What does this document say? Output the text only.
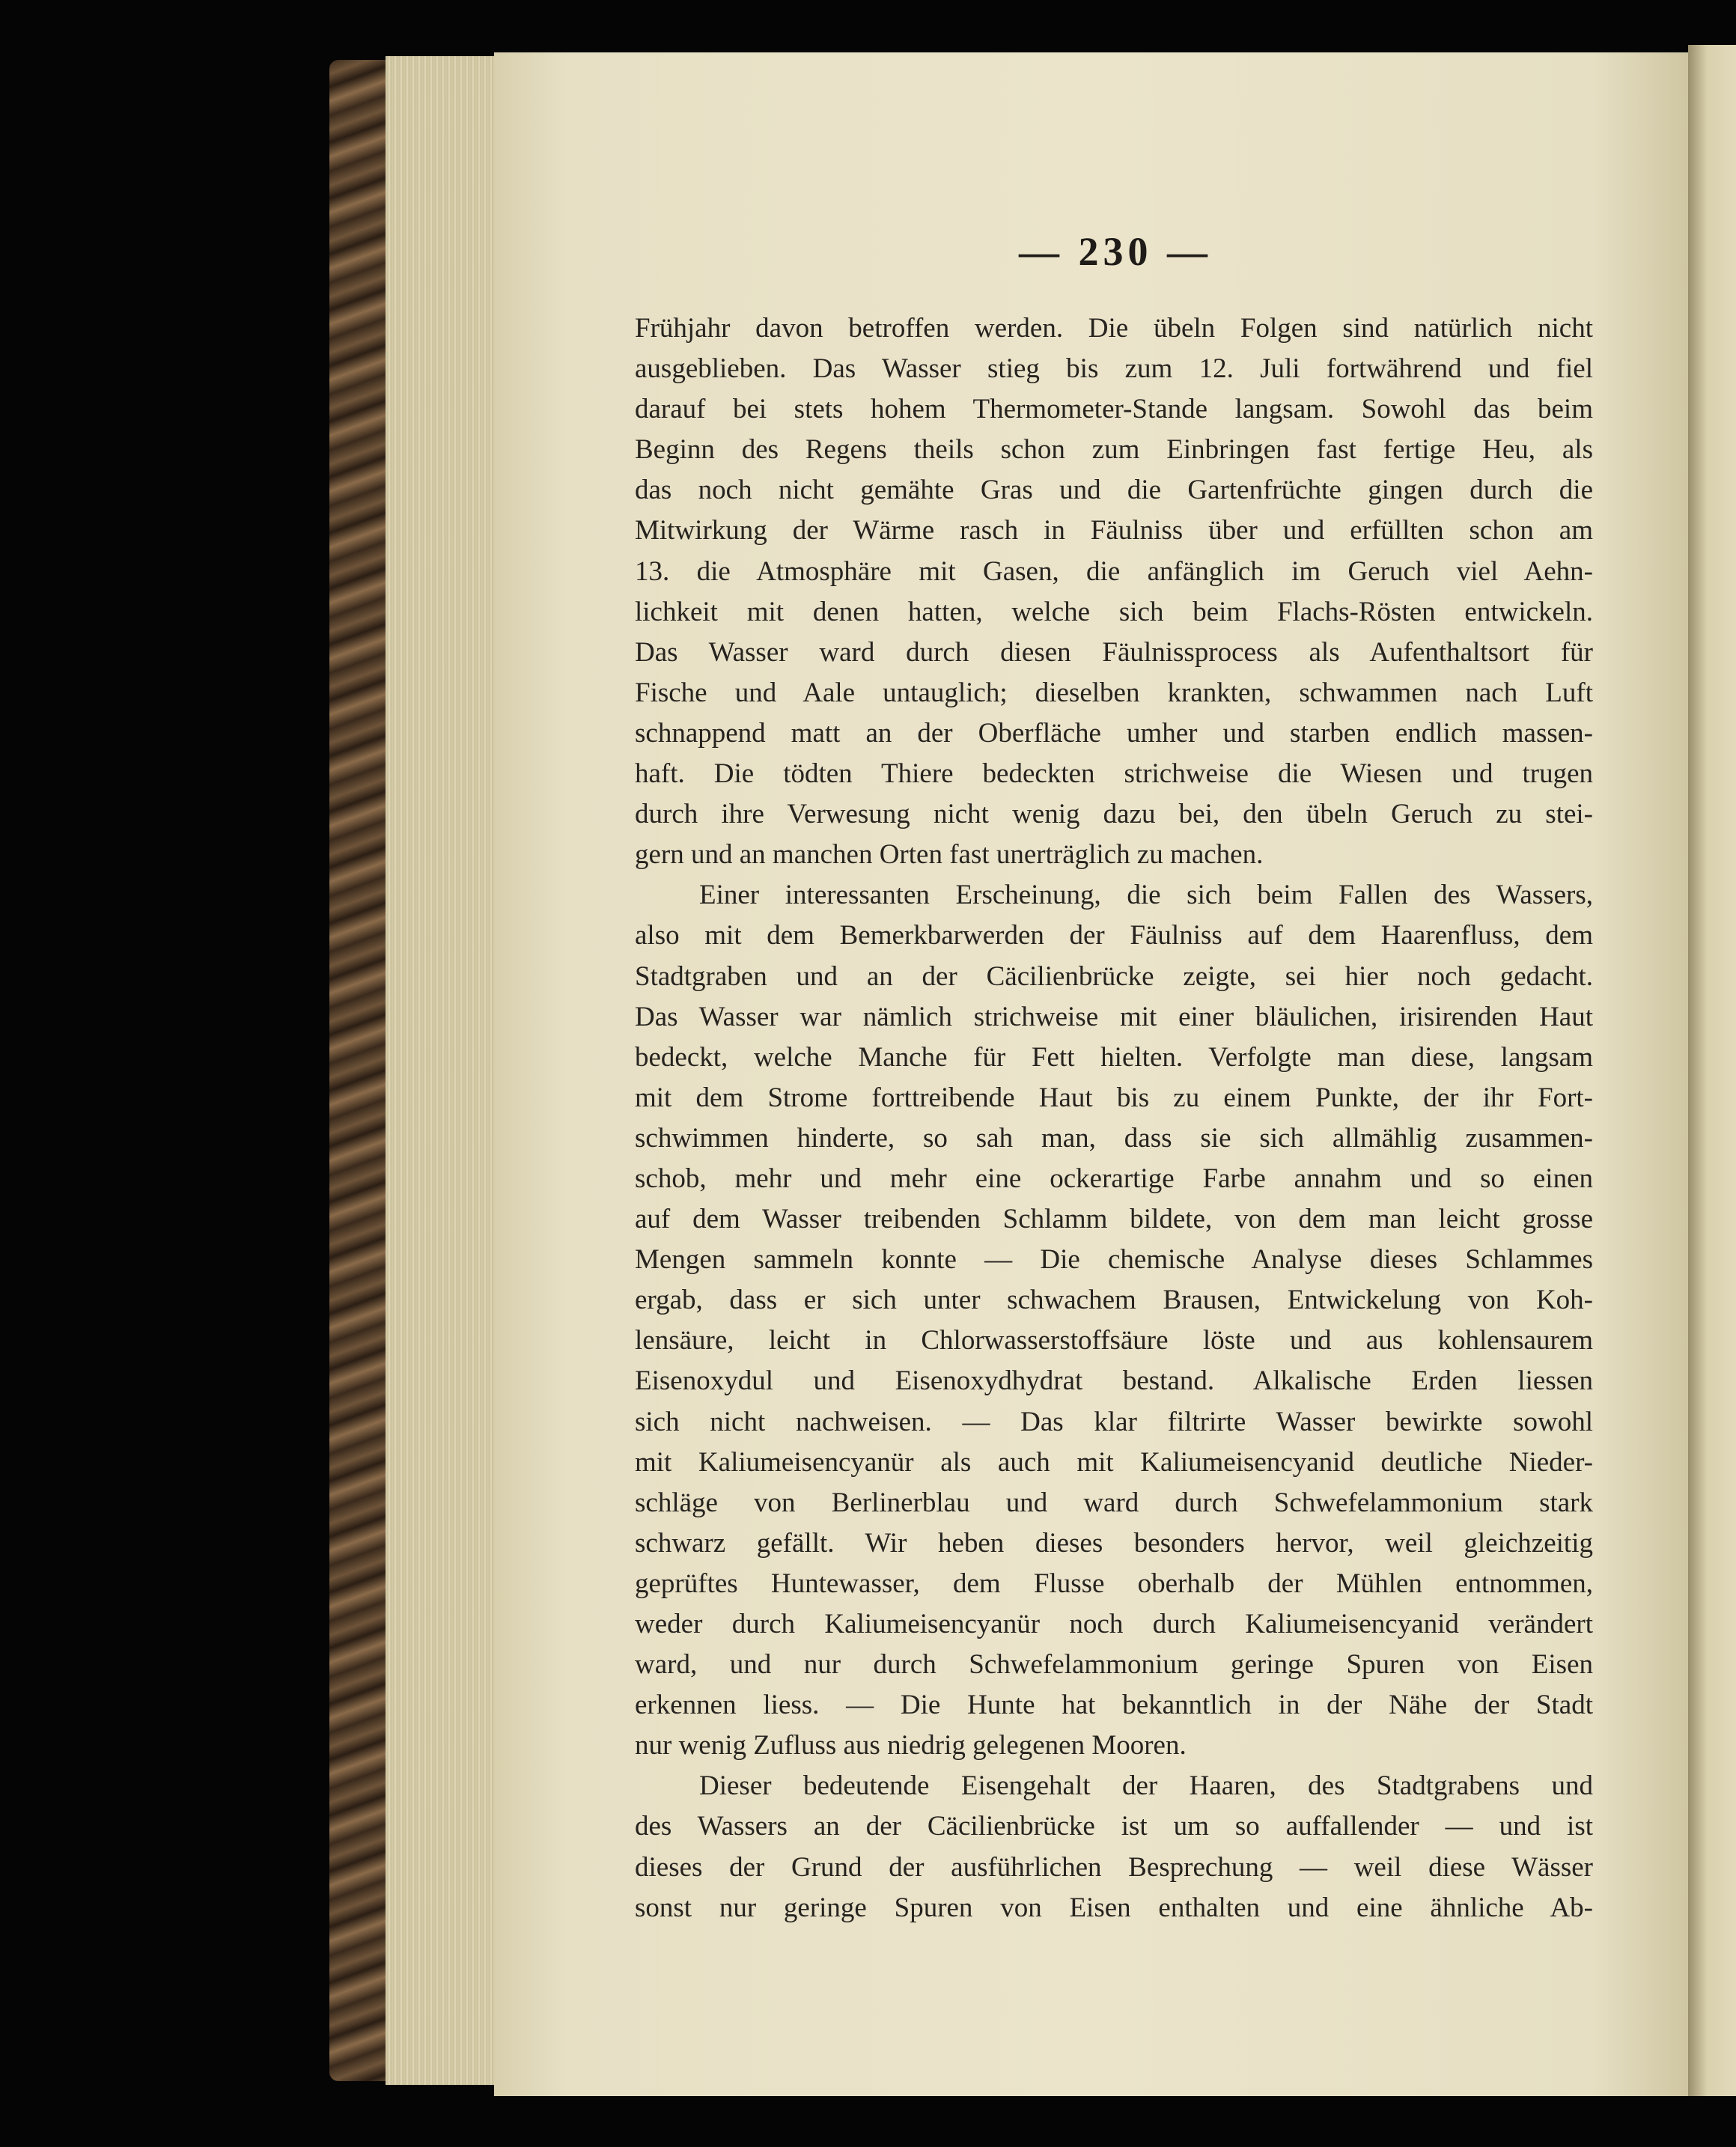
— 230 —
Frühjahr davon betroffen werden. Die übeln Folgen sind natürlich nicht
ausgeblieben. Das Wasser stieg bis zum 12. Juli fortwährend und fiel
darauf bei stets hohem Thermometer-Stande langsam. Sowohl das beim
Beginn des Regens theils schon zum Einbringen fast fertige Heu, als
das noch nicht gemähte Gras und die Gartenfrüchte gingen durch die
Mitwirkung der Wärme rasch in Fäulniss über und erfüllten schon am
13. die Atmosphäre mit Gasen, die anfänglich im Geruch viel Aehn-
lichkeit mit denen hatten, welche sich beim Flachs-Rösten entwickeln.
Das Wasser ward durch diesen Fäulnissprocess als Aufenthaltsort für
Fische und Aale untauglich; dieselben krankten, schwammen nach Luft
schnappend matt an der Oberfläche umher und starben endlich massen-
haft. Die tödten Thiere bedeckten strichweise die Wiesen und trugen
durch ihre Verwesung nicht wenig dazu bei, den übeln Geruch zu stei-
gern und an manchen Orten fast unerträglich zu machen.
Einer interessanten Erscheinung, die sich beim Fallen des Wassers,
also mit dem Bemerkbarwerden der Fäulniss auf dem Haarenfluss, dem
Stadtgraben und an der Cäcilienbrücke zeigte, sei hier noch gedacht.
Das Wasser war nämlich strichweise mit einer bläulichen, irisirenden Haut
bedeckt, welche Manche für Fett hielten. Verfolgte man diese, langsam
mit dem Strome forttreibende Haut bis zu einem Punkte, der ihr Fort-
schwimmen hinderte, so sah man, dass sie sich allmählig zusammen-
schob, mehr und mehr eine ockerartige Farbe annahm und so einen
auf dem Wasser treibenden Schlamm bildete, von dem man leicht grosse
Mengen sammeln konnte — Die chemische Analyse dieses Schlammes
ergab, dass er sich unter schwachem Brausen, Entwickelung von Koh-
lensäure, leicht in Chlorwasserstoffsäure löste und aus kohlensaurem
Eisenoxydul und Eisenoxydhydrat bestand. Alkalische Erden liessen
sich nicht nachweisen. — Das klar filtrirte Wasser bewirkte sowohl
mit Kaliumeisencyanür als auch mit Kaliumeisencyanid deutliche Nieder-
schläge von Berlinerblau und ward durch Schwefelammonium stark
schwarz gefällt. Wir heben dieses besonders hervor, weil gleichzeitig
geprüftes Huntewasser, dem Flusse oberhalb der Mühlen entnommen,
weder durch Kaliumeisencyanür noch durch Kaliumeisencyanid verändert
ward, und nur durch Schwefelammonium geringe Spuren von Eisen
erkennen liess. — Die Hunte hat bekanntlich in der Nähe der Stadt
nur wenig Zufluss aus niedrig gelegenen Mooren.
Dieser bedeutende Eisengehalt der Haaren, des Stadtgrabens und
des Wassers an der Cäcilienbrücke ist um so auffallender — und ist
dieses der Grund der ausführlichen Besprechung — weil diese Wässer
sonst nur geringe Spuren von Eisen enthalten und eine ähnliche Ab-
